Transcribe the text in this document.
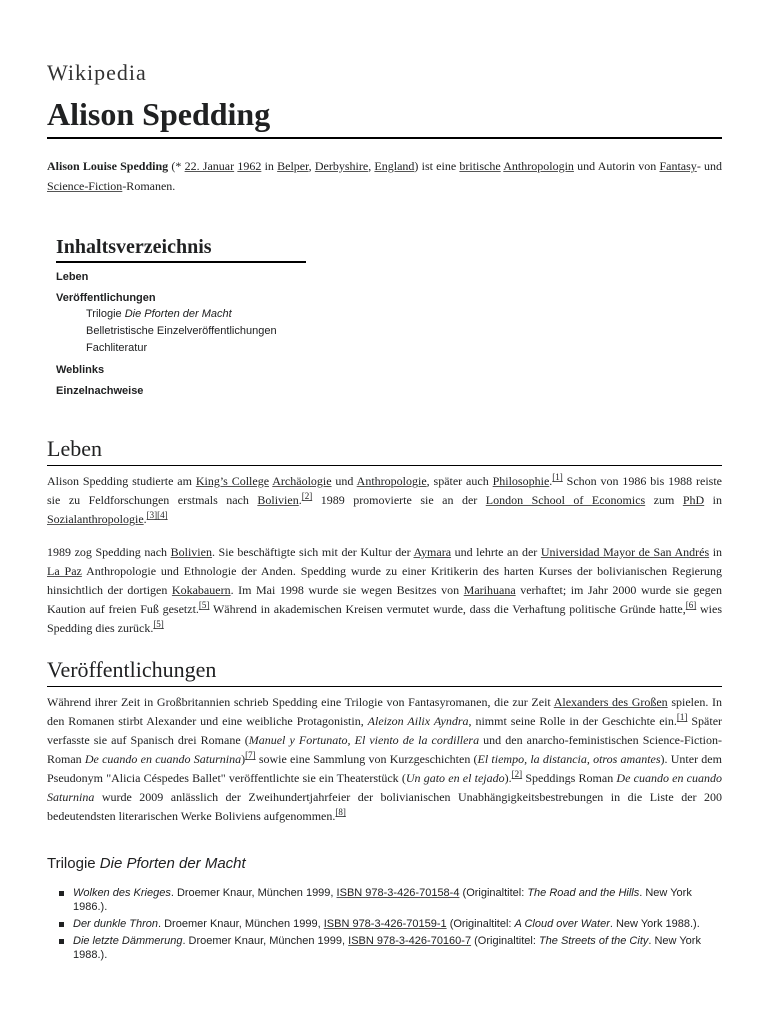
Wikipedia
Alison Spedding

Alison Louise Spedding (* 22. Januar 1962 in Belper, Derbyshire, England) ist eine britische Anthropologin und Autorin von Fantasy- und Science-Fiction-Romanen.

Inhaltsverzeichnis
Leben
Veröffentlichungen
Trilogie Die Pforten der Macht
Belletristische Einzelveröffentlichungen
Fachliteratur
Weblinks
Einzelnachweise
Leben

Alison Spedding studierte am King’s College Archäologie und Anthropologie, später auch Philosophie.[1] Schon von 1986 bis 1988 reiste sie zu Feldforschungen erstmals nach Bolivien.[2] 1989 promovierte sie an der London School of Economics zum PhD in Sozialanthropologie.[3][4]

1989 zog Spedding nach Bolivien. Sie beschäftigte sich mit der Kultur der Aymara und lehrte an der Universidad Mayor de San Andrés in La Paz Anthropologie und Ethnologie der Anden. Spedding wurde zu einer Kritikerin des harten Kurses der bolivianischen Regierung hinsichtlich der dortigen Kokabauern. Im Mai 1998 wurde sie wegen Besitzes von Marihuana verhaftet; im Jahr 2000 wurde sie gegen Kaution auf freien Fuß gesetzt.[5] Während in akademischen Kreisen vermutet wurde, dass die Verhaftung politische Gründe hatte,[6] wies Spedding dies zurück.[5]

Veröffentlichungen

Während ihrer Zeit in Großbritannien schrieb Spedding eine Trilogie von Fantasyromanen, die zur Zeit Alexanders des Großen spielen. In den Romanen stirbt Alexander und eine weibliche Protagonistin, Aleizon Ailix Ayndra, nimmt seine Rolle in der Geschichte ein.[1] Später verfasste sie auf Spanisch drei Romane (Manuel y Fortunato, El viento de la cordillera und den anarcho-feministischen Science-Fiction-Roman De cuando en cuando Saturnina)[7] sowie eine Sammlung von Kurzgeschichten (El tiempo, la distancia, otros amantes). Unter dem Pseudonym "Alicia Céspedes Ballet" veröffentlichte sie ein Theaterstück (Un gato en el tejado).[2] Speddings Roman De cuando en cuando Saturnina wurde 2009 anlässlich der Zweihundertjahrfeier der bolivianischen Unabhängigkeitsbestrebungen in die Liste der 200 bedeutendsten literarischen Werke Boliviens aufgenommen.[8]

Trilogie Die Pforten der Macht
Wolken des Krieges. Droemer Knaur, München 1999, ISBN 978-3-426-70158-4 (Originaltitel: The Road and the Hills. New York 1986.).
Der dunkle Thron. Droemer Knaur, München 1999, ISBN 978-3-426-70159-1 (Originaltitel: A Cloud over Water. New York 1988.).
Die letzte Dämmerung. Droemer Knaur, München 1999, ISBN 978-3-426-70160-7 (Originaltitel: The Streets of the City. New York 1988.).
